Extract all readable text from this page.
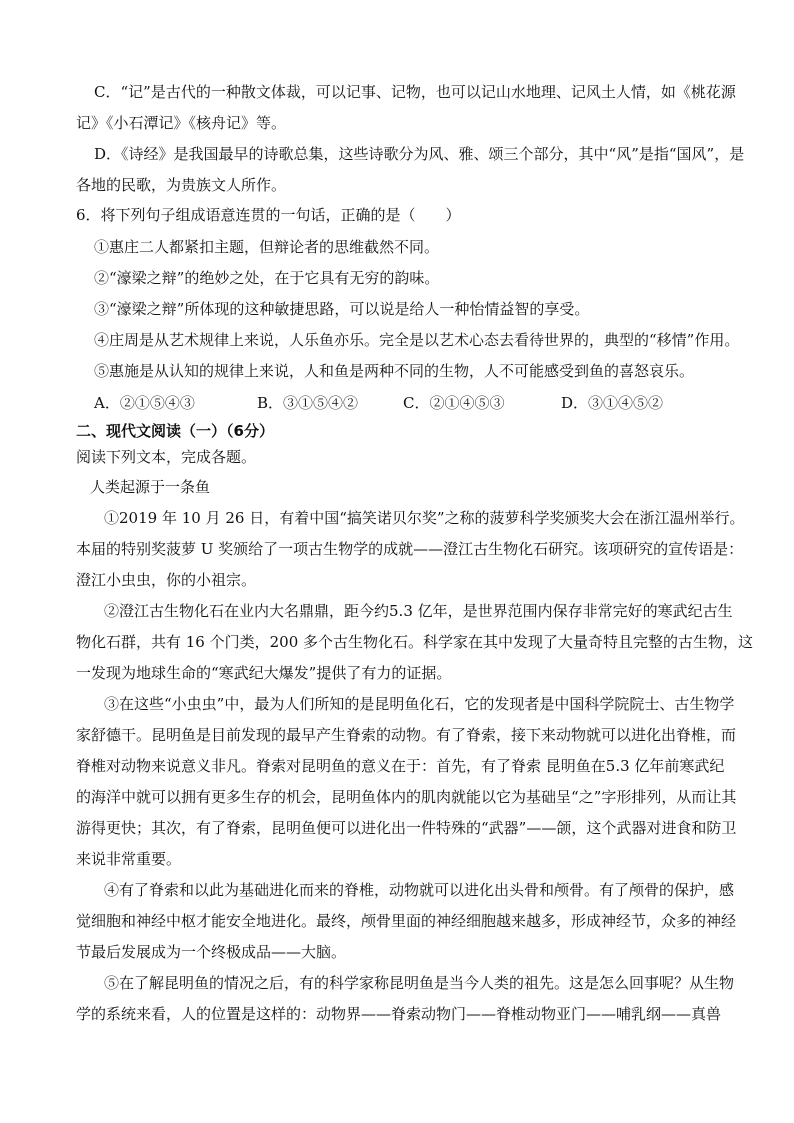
C．“记”是古代的一种散文体裁，可以记事、记物，也可以记山水地理、记风土人情，如《桃花源
记》《小石潭记》《核舟记》等。
D．《诗经》是我国最早的诗歌总集，这些诗歌分为风、雅、颂三个部分，其中“风”是指“国风”，是
各地的民歌，为贵族文人所作。
6．将下列句子组成语意连贯的一句话，正确的是（　　）
①惠庄二人都紧扣主题，但辩论者的思维截然不同。
②“濠梁之辩”的绝妙之处，在于它具有无穷的韵味。
③“濠梁之辩”所体现的这种敏捷思路，可以说是给人一种怡情益智的享受。
④庄周是从艺术规律上来说，人乐鱼亦乐。完全是以艺术心态去看待世界的，典型的“移情”作用。
⑤惠施是从认知的规律上来说，人和鱼是两种不同的生物，人不可能感受到鱼的喜怒哀乐。
A．②①⑤④③	B．③①⑤④②	C．②①④⑤③	D．③①④⑤②
二、现代文阅读（一）（6分）
阅读下列文本，完成各题。
人类起源于一条鱼
①2019 年 10 月 26 日，有着中国“搞笑诺贝尔奖”之称的菠萝科学奖颁奖大会在浙江温州举行。
本届的特别奖菠萝 U 奖颁给了一项古生物学的成就——澄江古生物化石研究。该项研究的宣传语是：
澄江小虫虫，你的小祖宗。
②澄江古生物化石在业内大名鼎鼎，距今约5.3 亿年，是世界范围内保存非常完好的寒武纪古生
物化石群，共有 16 个门类，200 多个古生物化石。科学家在其中发现了大量奇特且完整的古生物，这
一发现为地球生命的“寒武纪大爆发”提供了有力的证据。
③在这些“小虫虫”中，最为人们所知的是昆明鱼化石，它的发现者是中国科学院院士、古生物学
家舒德干。昆明鱼是目前发现的最早产生脊索的动物。有了脊索，接下来动物就可以进化出脊椎，而
脊椎对动物来说意义非凡。脊索对昆明鱼的意义在于：首先，有了脊索 昆明鱼在5.3 亿年前寒武纪
的海洋中就可以拥有更多生存的机会，昆明鱼体内的肌肉就能以它为基础呈“之”字形排列，从而让其
游得更快；其次，有了脊索，昆明鱼便可以进化出一件特殊的“武器”——颌，这个武器对进食和防卫
来说非常重要。
④有了脊索和以此为基础进化而来的脊椎，动物就可以进化出头骨和颅骨。有了颅骨的保护，感
觉细胞和神经中枢才能安全地进化。最终，颅骨里面的神经细胞越来越多，形成神经节，众多的神经
节最后发展成为一个终极成品——大脑。
⑤在了解昆明鱼的情况之后，有的科学家称昆明鱼是当今人类的祖先。这是怎么回事呢？从生物
学的系统来看，人的位置是这样的：动物界——脊索动物门——脊椎动物亚门——哺乳纲——真兽
